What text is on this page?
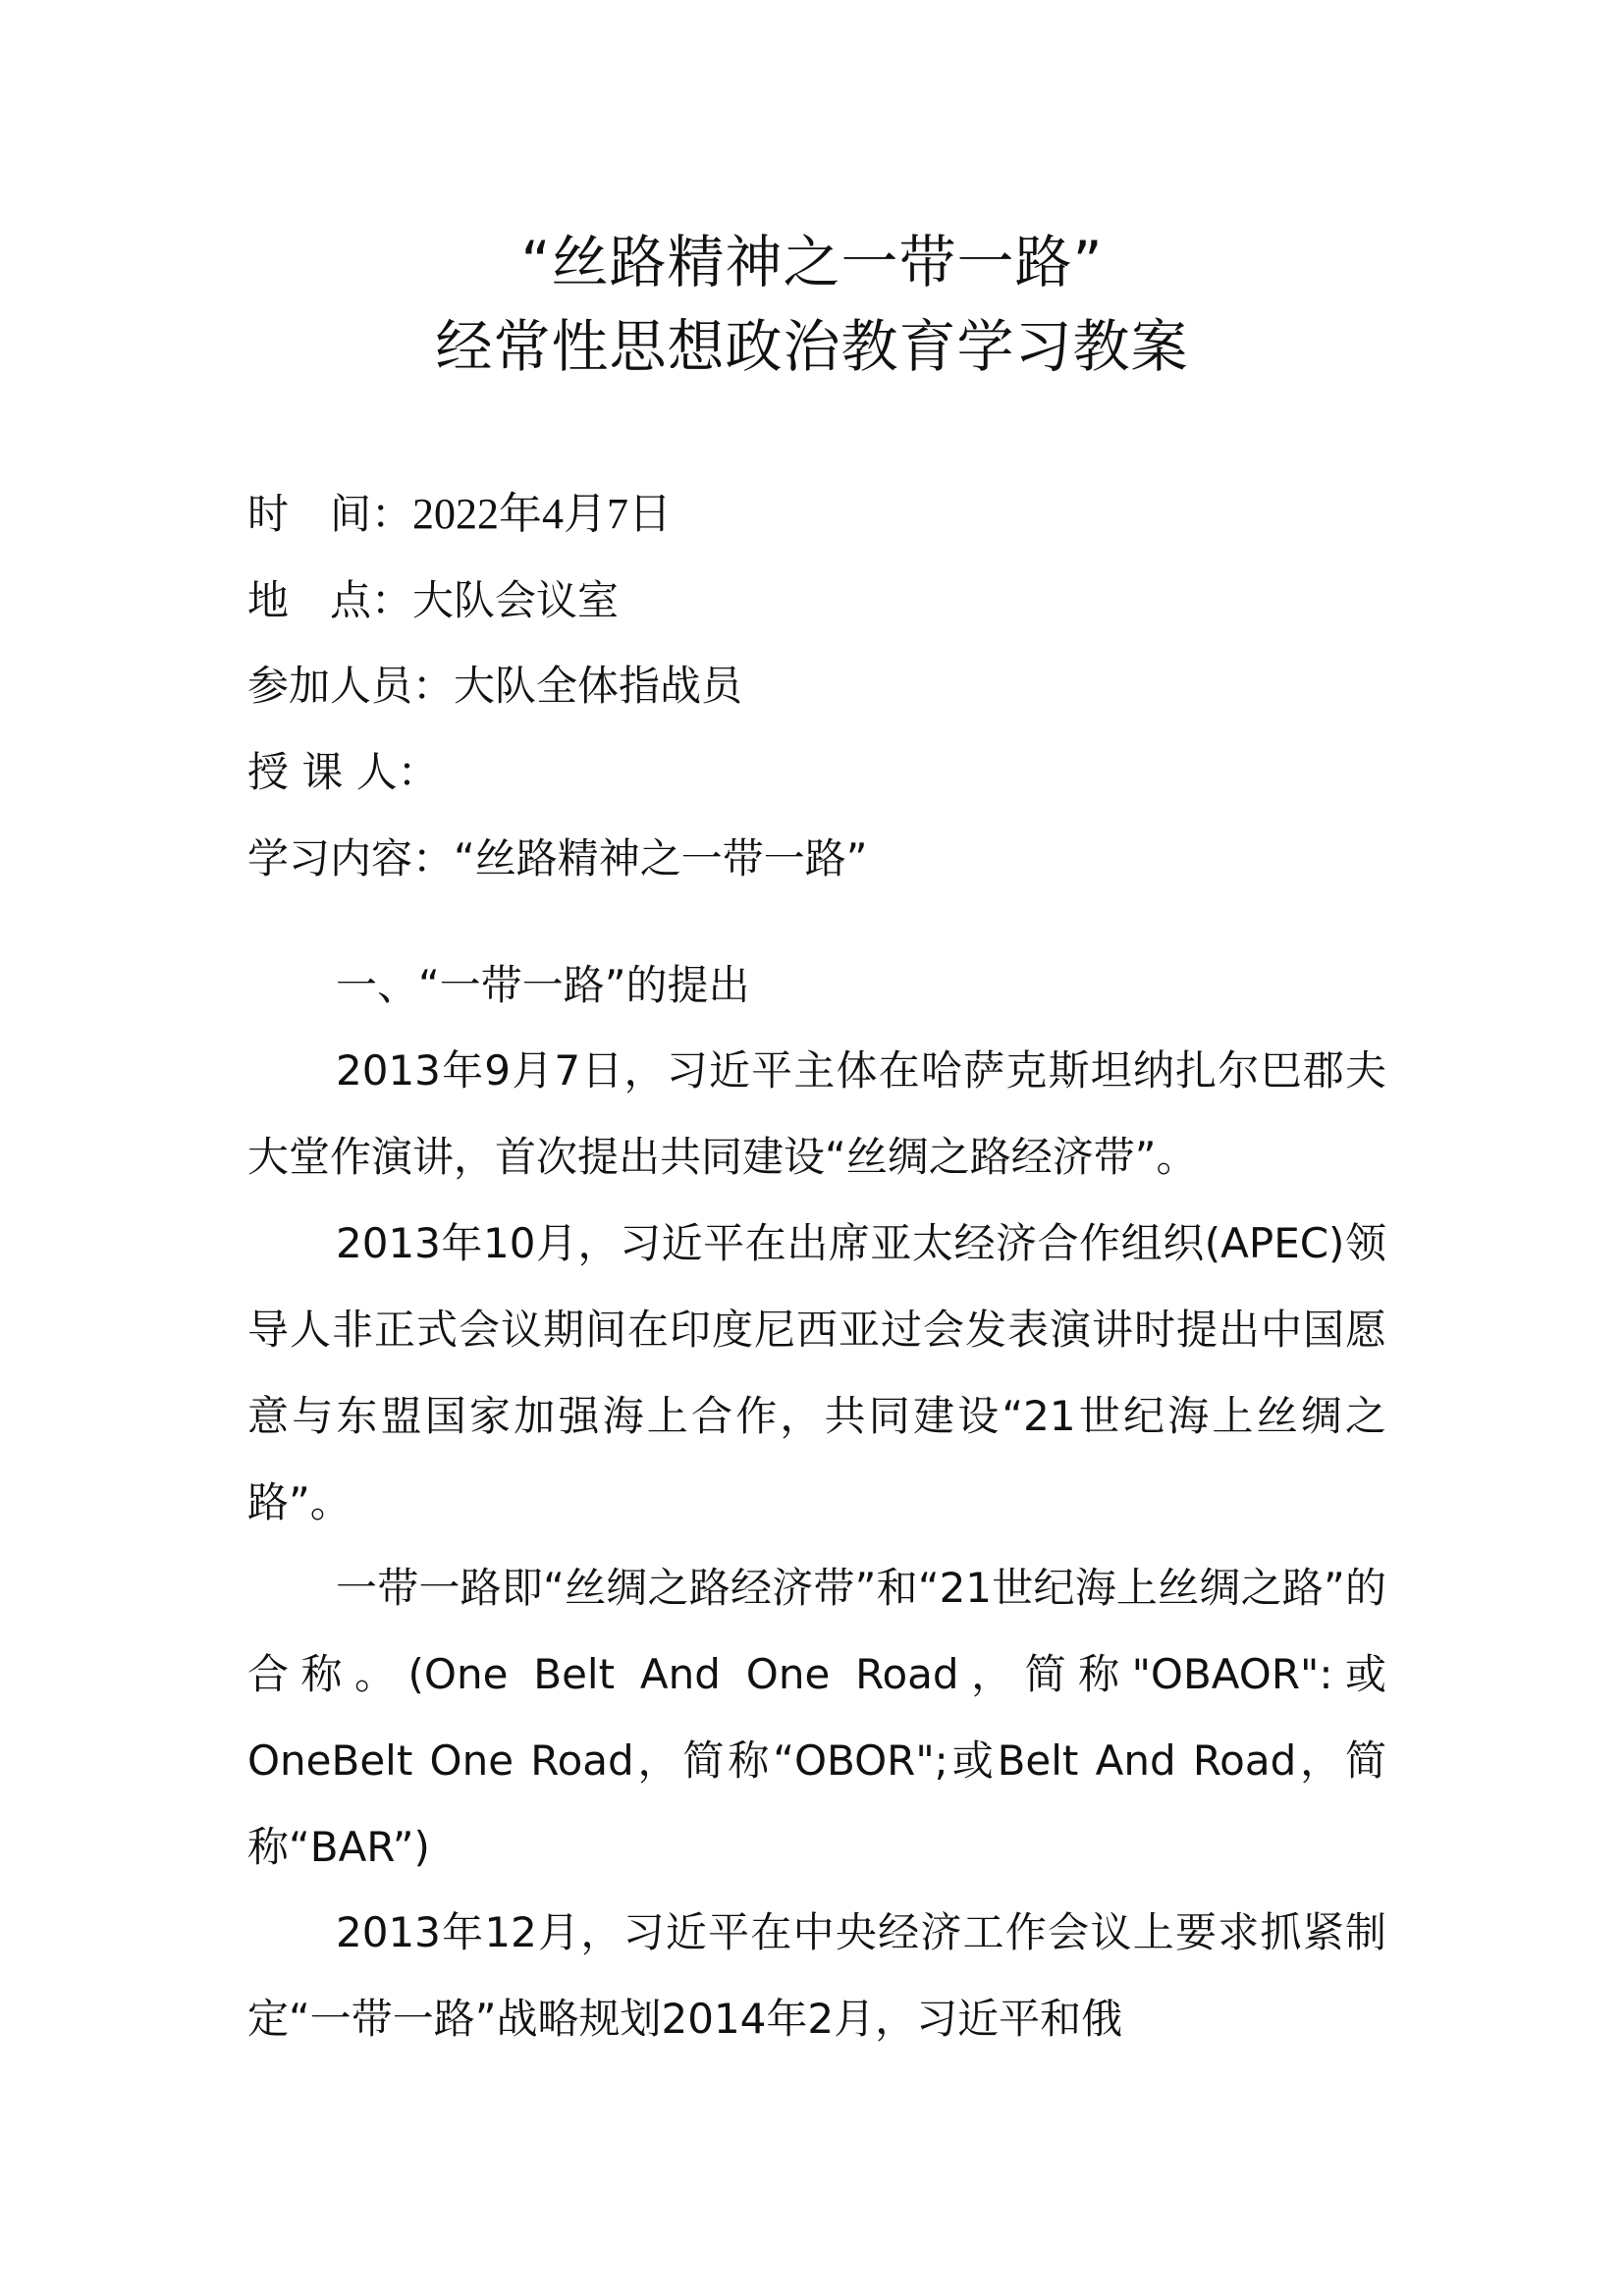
“丝路精神之一带一路”
经常性思想政治教育学习教案
时　间：2022年4月7日
地　点：大队会议室
参加人员：大队全体指战员
授 课 人：
学习内容：“丝路精神之一带一路”
一、“一带一路”的提出
2013年9月7日，习近平主体在哈萨克斯坦纳扎尔巴郡夫大堂作演讲，首次提出共同建设“丝绸之路经济带”。
2013年10月，习近平在出席亚太经济合作组织(APEC)领导人非正式会议期间在印度尼西亚过会发表演讲时提出中国愿意与东盟国家加强海上合作，共同建设“21世纪海上丝绸之路”。
一带一路即“丝绸之路经济带”和“21世纪海上丝绸之路”的合称。(One Belt And One Road，简称"OBAOR":或OneBelt One Road，简称“OBOR";或Belt And Road，简称“BAR”)
2013年12月，习近平在中央经济工作会议上要求抓紧制定“一带一路”战略规划2014年2月，习近平和俄
